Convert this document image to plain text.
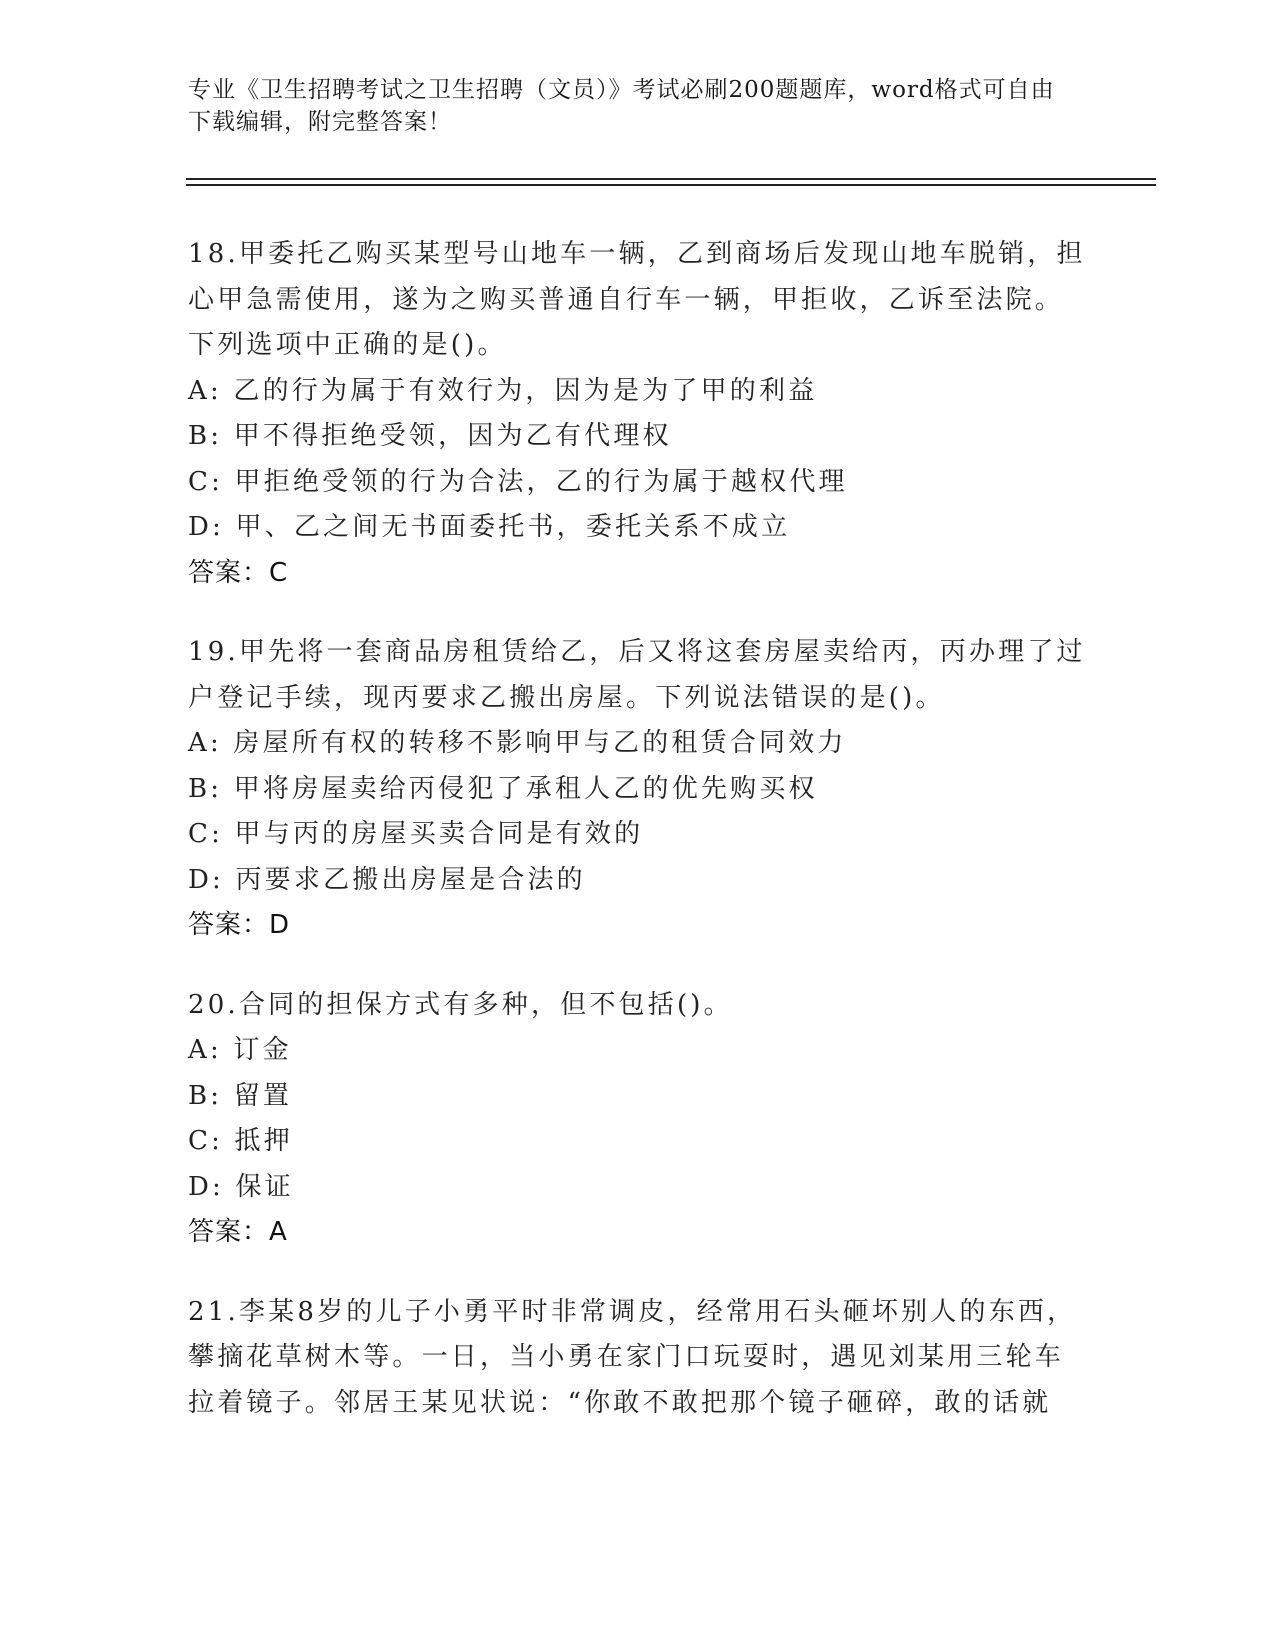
专业《卫生招聘考试之卫生招聘（文员）》考试必刷200题题库，word格式可自由下载编辑，附完整答案！

18.甲委托乙购买某型号山地车一辆，乙到商场后发现山地车脱销，担心甲急需使用，遂为之购买普通自行车一辆，甲拒收，乙诉至法院。下列选项中正确的是()。

A: 乙的行为属于有效行为，因为是为了甲的利益

B: 甲不得拒绝受领，因为乙有代理权

C: 甲拒绝受领的行为合法，乙的行为属于越权代理

D: 甲、乙之间无书面委托书，委托关系不成立

答案：C

19.甲先将一套商品房租赁给乙，后又将这套房屋卖给丙，丙办理了过户登记手续，现丙要求乙搬出房屋。下列说法错误的是()。

A: 房屋所有权的转移不影响甲与乙的租赁合同效力

B: 甲将房屋卖给丙侵犯了承租人乙的优先购买权

C: 甲与丙的房屋买卖合同是有效的

D: 丙要求乙搬出房屋是合法的

答案：D

20.合同的担保方式有多种，但不包括()。

A: 订金

B: 留置

C: 抵押

D: 保证

答案：A

21.李某8岁的儿子小勇平时非常调皮，经常用石头砸坏别人的东西，攀摘花草树木等。一日，当小勇在家门口玩耍时，遇见刘某用三轮车拉着镜子。邻居王某见状说：“你敢不敢把那个镜子砸碎，敢的话就
